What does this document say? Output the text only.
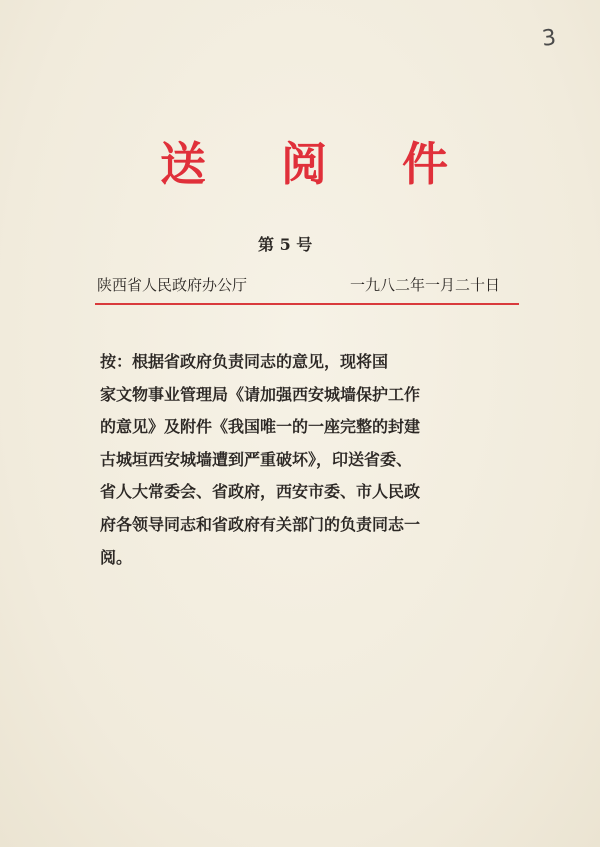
3
送 阅 件
第 5 号
陕西省人民政府办公厅	一九八二年一月二十日
按：根据省政府负责同志的意见，现将国
家文物事业管理局《请加强西安城墙保护工作
的意见》及附件《我国唯一的一座完整的封建
古城垣西安城墙遭到严重破坏》，印送省委、
省人大常委会、省政府，西安市委、市人民政
府各领导同志和省政府有关部门的负责同志一
阅。
